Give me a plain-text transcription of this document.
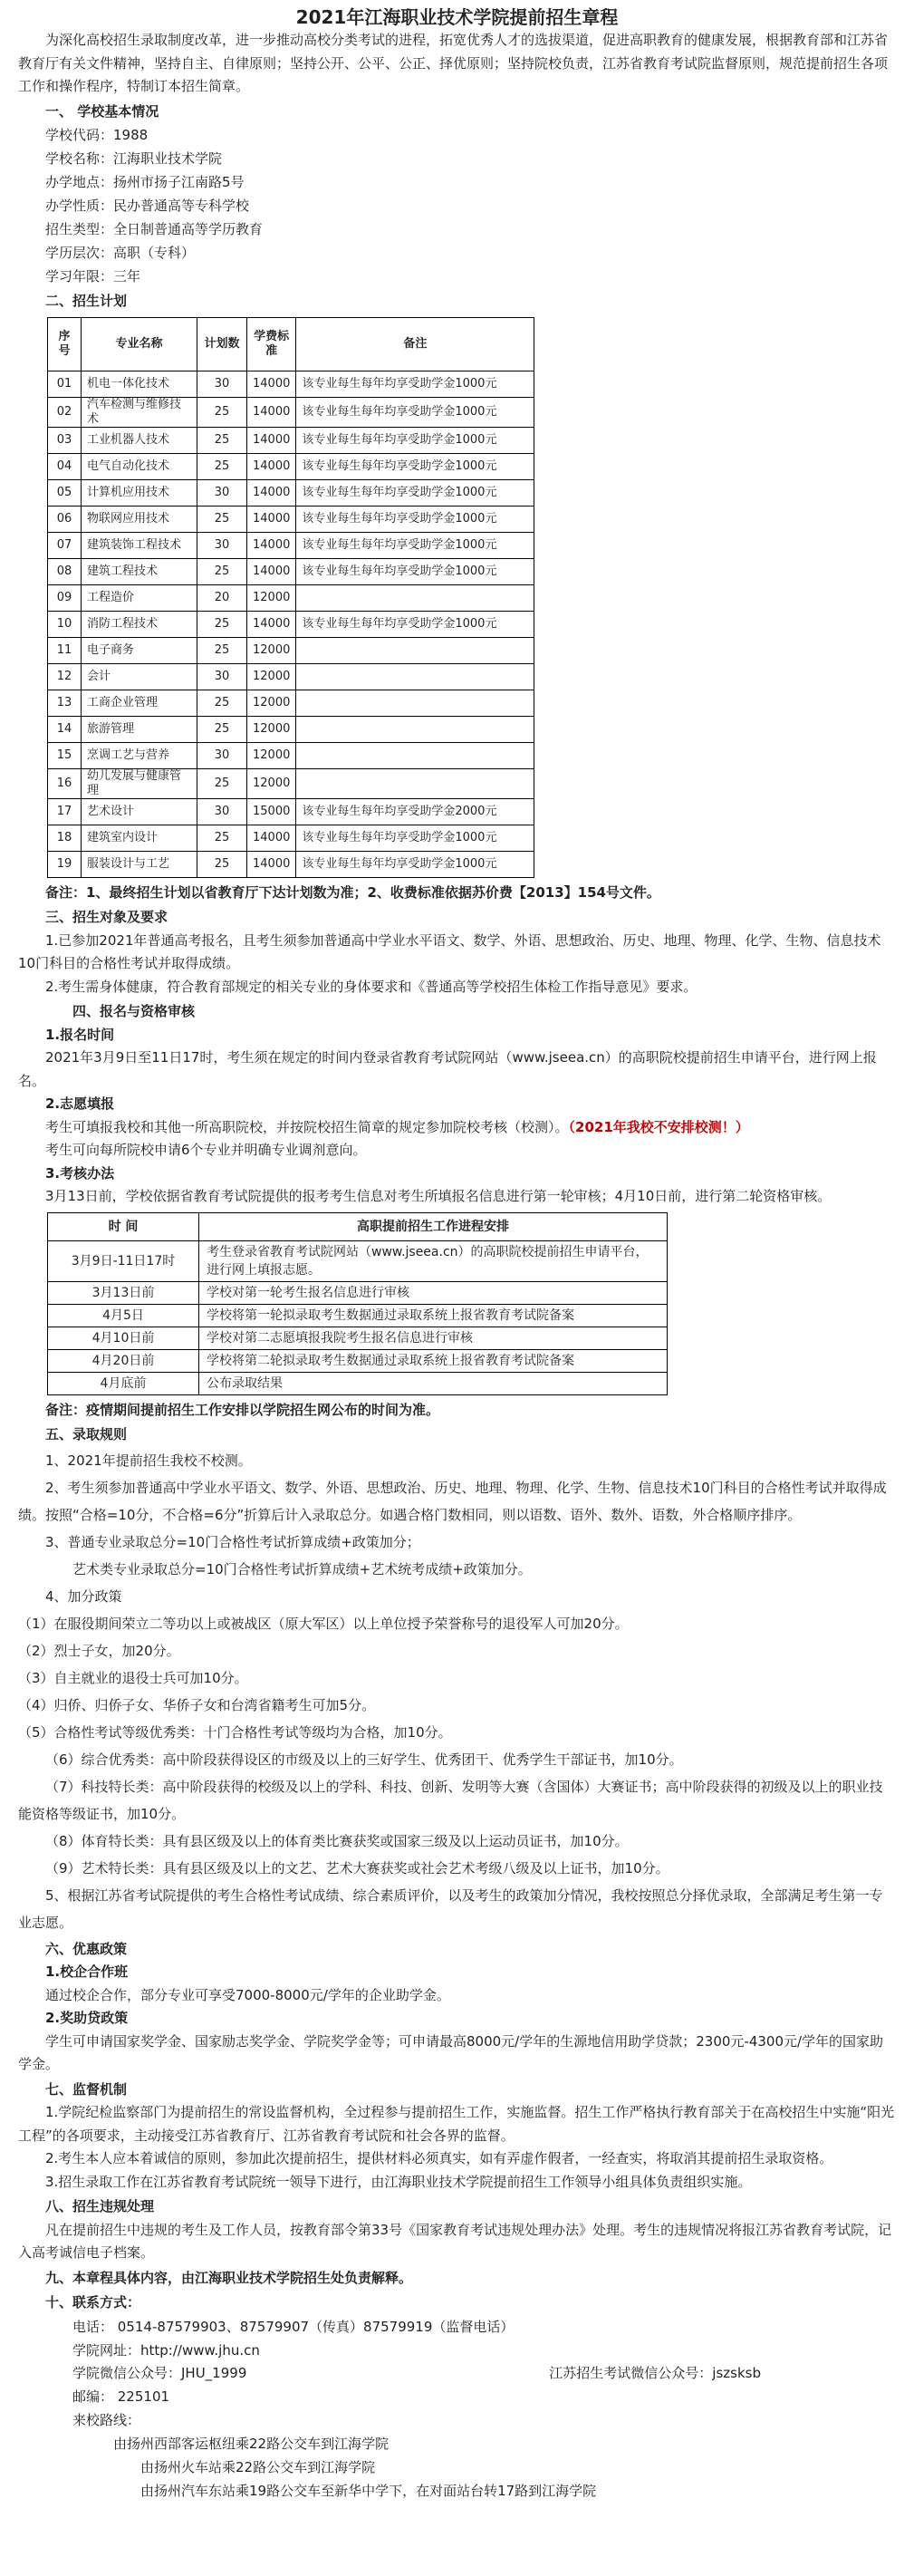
2021年江海职业技术学院提前招生章程

为深化高校招生录取制度改革，进一步推动高校分类考试的进程，拓宽优秀人才的选拔渠道，促进高职教育的健康发展，根据教育部和江苏省教育厅有关文件精神，坚持自主、自律原则；坚持公开、公平、公正、择优原则；坚持院校负责，江苏省教育考试院监督原则，规范提前招生各项工作和操作程序，特制订本招生简章。

一、 学校基本情况

学校代码：1988

学校名称：江海职业技术学院

办学地点：扬州市扬子江南路5号

办学性质：民办普通高等专科学校

招生类型：全日制普通高等学历教育

学历层次：高职（专科）

学习年限：三年

二、招生计划

序号	专业名称	计划数	学费标准	备注
01	机电一体化技术	30	14000	该专业每生每年均享受助学金1000元
02	汽车检测与维修技术	25	14000	该专业每生每年均享受助学金1000元
03	工业机器人技术	25	14000	该专业每生每年均享受助学金1000元
04	电气自动化技术	25	14000	该专业每生每年均享受助学金1000元
05	计算机应用技术	30	14000	该专业每生每年均享受助学金1000元
06	物联网应用技术	25	14000	该专业每生每年均享受助学金1000元
07	建筑装饰工程技术	30	14000	该专业每生每年均享受助学金1000元
08	建筑工程技术	25	14000	该专业每生每年均享受助学金1000元
09	工程造价	20	12000	
10	消防工程技术	25	14000	该专业每生每年均享受助学金1000元
11	电子商务	25	12000	
12	会计	30	12000	
13	工商企业管理	25	12000	
14	旅游管理	25	12000	
15	烹调工艺与营养	30	12000	
16	幼儿发展与健康管理	25	12000	
17	艺术设计	30	15000	该专业每生每年均享受助学金2000元
18	建筑室内设计	25	14000	该专业每生每年均享受助学金1000元
19	服装设计与工艺	25	14000	该专业每生每年均享受助学金1000元

备注：1、最终招生计划以省教育厅下达计划数为准；2、收费标准依据苏价费【2013】154号文件。

三、招生对象及要求

1.已参加2021年普通高考报名，且考生须参加普通高中学业水平语文、数学、外语、思想政治、历史、地理、物理、化学、生物、信息技术10门科目的合格性考试并取得成绩。

2.考生需身体健康，符合教育部规定的相关专业的身体要求和《普通高等学校招生体检工作指导意见》要求。

四、报名与资格审核

1.报名时间

2021年3月9日至11日17时，考生须在规定的时间内登录省教育考试院网站（www.jseea.cn）的高职院校提前招生申请平台，进行网上报名。

2.志愿填报

考生可填报我校和其他一所高职院校，并按院校招生简章的规定参加院校考核（校测）。（2021年我校不安排校测！）

考生可向每所院校申请6个专业并明确专业调剂意向。

3.考核办法

3月13日前，学校依据省教育考试院提供的报考考生信息对考生所填报名信息进行第一轮审核；4月10日前，进行第二轮资格审核。

时 间	高职提前招生工作进程安排
3月9日-11日17时	考生登录省教育考试院网站（www.jseea.cn）的高职院校提前招生申请平台，进行网上填报志愿。
3月13日前	学校对第一轮考生报名信息进行审核
4月5日	学校将第一轮拟录取考生数据通过录取系统上报省教育考试院备案
4月10日前	学校对第二志愿填报我院考生报名信息进行审核
4月20日前	学校将第二轮拟录取考生数据通过录取系统上报省教育考试院备案
4月底前	公布录取结果

备注：疫情期间提前招生工作安排以学院招生网公布的时间为准。

五、录取规则

1、2021年提前招生我校不校测。

2、考生须参加普通高中学业水平语文、数学、外语、思想政治、历史、地理、物理、化学、生物、信息技术10门科目的合格性考试并取得成绩。按照“合格=10分，不合格=6分”折算后计入录取总分。如遇合格门数相同，则以语数、语外、数外、语数，外合格顺序排序。

3、普通专业录取总分=10门合格性考试折算成绩+政策加分；

艺术类专业录取总分=10门合格性考试折算成绩+艺术统考成绩+政策加分。

4、加分政策

（1）在服役期间荣立二等功以上或被战区（原大军区）以上单位授予荣誉称号的退役军人可加20分。

（2）烈士子女，加20分。

（3）自主就业的退役士兵可加10分。

（4）归侨、归侨子女、华侨子女和台湾省籍考生可加5分。

（5）合格性考试等级优秀类：十门合格性考试等级均为合格，加10分。

（6）综合优秀类：高中阶段获得设区的市级及以上的三好学生、优秀团干、优秀学生干部证书，加10分。

（7）科技特长类：高中阶段获得的校级及以上的学科、科技、创新、发明等大赛（含国体）大赛证书；高中阶段获得的初级及以上的职业技能资格等级证书，加10分。

（8）体育特长类：具有县区级及以上的体育类比赛获奖或国家三级及以上运动员证书，加10分。

（9）艺术特长类：具有县区级及以上的文艺、艺术大赛获奖或社会艺术考级八级及以上证书，加10分。

5、根据江苏省考试院提供的考生合格性考试成绩、综合素质评价，以及考生的政策加分情况，我校按照总分择优录取，全部满足考生第一专业志愿。

六、优惠政策

1.校企合作班

通过校企合作，部分专业可享受7000-8000元/学年的企业助学金。

2.奖助贷政策

学生可申请国家奖学金、国家励志奖学金、学院奖学金等；可申请最高8000元/学年的生源地信用助学贷款；2300元-4300元/学年的国家助学金。

七、监督机制

1.学院纪检监察部门为提前招生的常设监督机构，全过程参与提前招生工作，实施监督。招生工作严格执行教育部关于在高校招生中实施“阳光工程”的各项要求，主动接受江苏省教育厅、江苏省教育考试院和社会各界的监督。

2.考生本人应本着诚信的原则，参加此次提前招生，提供材料必须真实，如有弄虚作假者，一经查实，将取消其提前招生录取资格。

3.招生录取工作在江苏省教育考试院统一领导下进行，由江海职业技术学院提前招生工作领导小组具体负责组织实施。

八、招生违规处理

凡在提前招生中违规的考生及工作人员，按教育部令第33号《国家教育考试违规处理办法》处理。考生的违规情况将报江苏省教育考试院，记入高考诚信电子档案。

九、本章程具体内容，由江海职业技术学院招生处负责解释。

十、联系方式：

电话： 0514-87579903、87579907（传真）87579919（监督电话）

学院网址：http://www.jhu.cn

学院微信公众号：JHU_1999	江苏招生考试微信公众号：jszsksb

邮编： 225101

来校路线：

由扬州西部客运枢纽乘22路公交车到江海学院

由扬州火车站乘22路公交车到江海学院

由扬州汽车东站乘19路公交车至新华中学下，在对面站台转17路到江海学院
